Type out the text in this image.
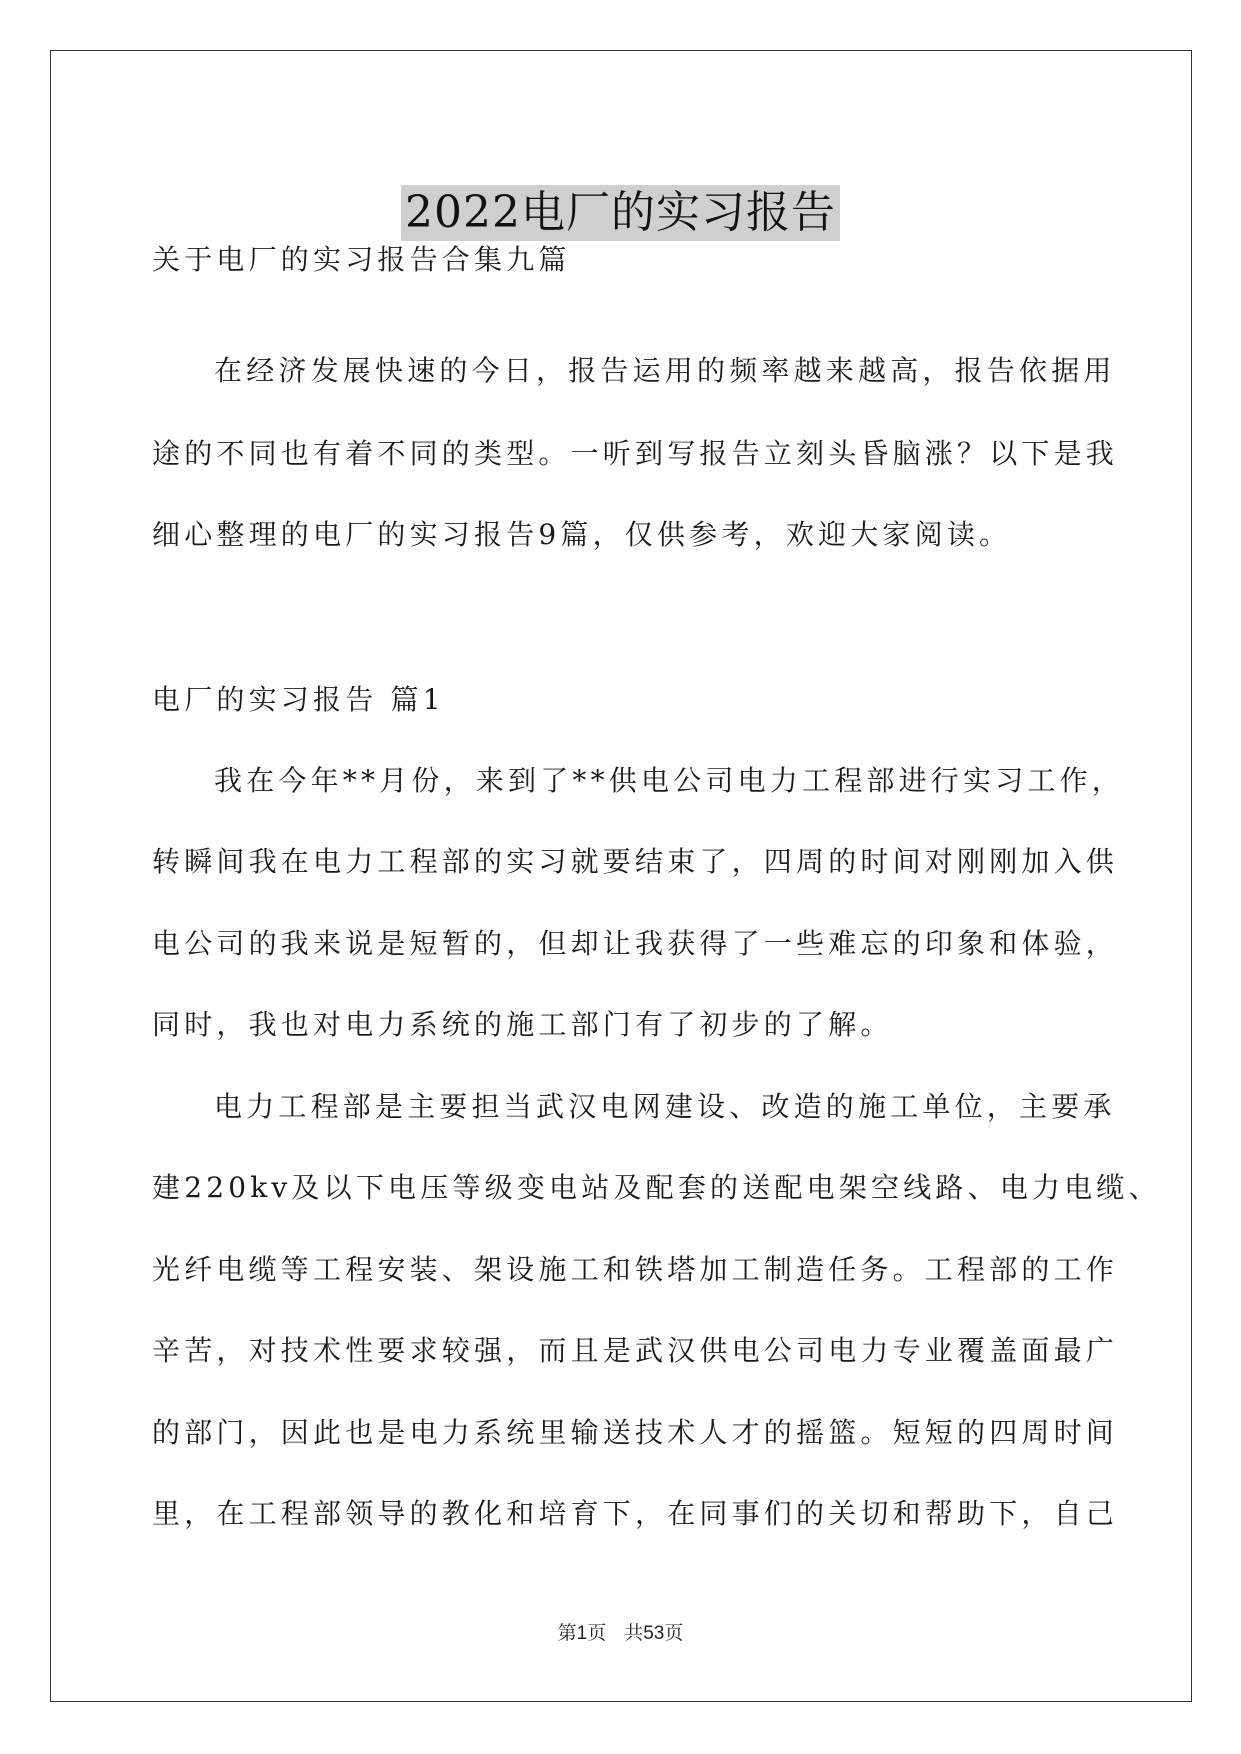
2022电厂的实习报告
关于电厂的实习报告合集九篇
在经济发展快速的今日，报告运用的频率越来越高，报告依据用
途的不同也有着不同的类型。一听到写报告立刻头昏脑涨？以下是我
细心整理的电厂的实习报告9篇，仅供参考，欢迎大家阅读。
电厂的实习报告 篇1
我在今年**月份，来到了**供电公司电力工程部进行实习工作，
转瞬间我在电力工程部的实习就要结束了，四周的时间对刚刚加入供
电公司的我来说是短暂的，但却让我获得了一些难忘的印象和体验，
同时，我也对电力系统的施工部门有了初步的了解。
电力工程部是主要担当武汉电网建设、改造的施工单位，主要承
建220kv及以下电压等级变电站及配套的送配电架空线路、电力电缆、
光纤电缆等工程安装、架设施工和铁塔加工制造任务。工程部的工作
辛苦，对技术性要求较强，而且是武汉供电公司电力专业覆盖面最广
的部门，因此也是电力系统里输送技术人才的摇篮。短短的四周时间
里，在工程部领导的教化和培育下，在同事们的关切和帮助下，自己
第1页 共53页
